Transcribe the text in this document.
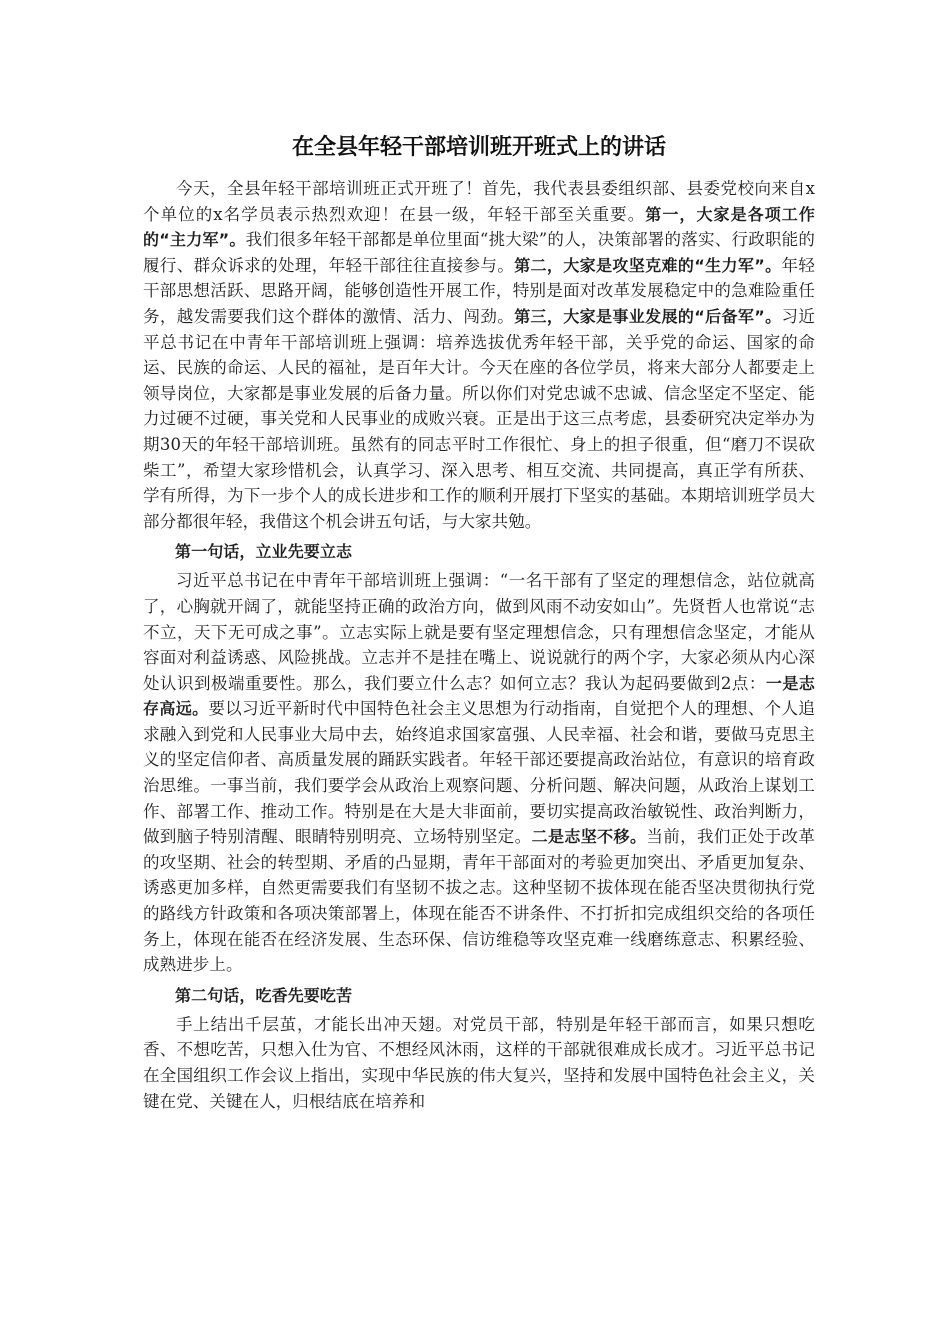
在全县年轻干部培训班开班式上的讲话

今天，全县年轻干部培训班正式开班了！首先，我代表县委组织部、县委党校向来自x个单位的x名学员表示热烈欢迎！在县一级，年轻干部至关重要。第一，大家是各项工作的“主力军”。我们很多年轻干部都是单位里面“挑大梁”的人，决策部署的落实、行政职能的履行、群众诉求的处理，年轻干部往往直接参与。第二，大家是攻坚克难的“生力军”。年轻干部思想活跃、思路开阔，能够创造性开展工作，特别是面对改革发展稳定中的急难险重任务，越发需要我们这个群体的激情、活力、闯劲。第三，大家是事业发展的“后备军”。习近平总书记在中青年干部培训班上强调：培养选拔优秀年轻干部，关乎党的命运、国家的命运、民族的命运、人民的福祉，是百年大计。今天在座的各位学员，将来大部分人都要走上领导岗位，大家都是事业发展的后备力量。所以你们对党忠诚不忠诚、信念坚定不坚定、能力过硬不过硬，事关党和人民事业的成败兴衰。正是出于这三点考虑，县委研究决定举办为期30天的年轻干部培训班。虽然有的同志平时工作很忙、身上的担子很重，但“磨刀不误砍柴工”，希望大家珍惜机会，认真学习、深入思考、相互交流、共同提高，真正学有所获、学有所得，为下一步个人的成长进步和工作的顺利开展打下坚实的基础。本期培训班学员大部分都很年轻，我借这个机会讲五句话，与大家共勉。

第一句话，立业先要立志

习近平总书记在中青年干部培训班上强调：“一名干部有了坚定的理想信念，站位就高了，心胸就开阔了，就能坚持正确的政治方向，做到风雨不动安如山”。先贤哲人也常说“志不立，天下无可成之事”。立志实际上就是要有坚定理想信念，只有理想信念坚定，才能从容面对利益诱惑、风险挑战。立志并不是挂在嘴上、说说就行的两个字，大家必须从内心深处认识到极端重要性。那么，我们要立什么志？如何立志？我认为起码要做到2点：一是志存高远。要以习近平新时代中国特色社会主义思想为行动指南，自觉把个人的理想、个人追求融入到党和人民事业大局中去，始终追求国家富强、人民幸福、社会和谐，要做马克思主义的坚定信仰者、高质量发展的踊跃实践者。年轻干部还要提高政治站位，有意识的培育政治思维。一事当前，我们要学会从政治上观察问题、分析问题、解决问题，从政治上谋划工作、部署工作、推动工作。特别是在大是大非面前，要切实提高政治敏锐性、政治判断力，做到脑子特别清醒、眼睛特别明亮、立场特别坚定。二是志坚不移。当前，我们正处于改革的攻坚期、社会的转型期、矛盾的凸显期，青年干部面对的考验更加突出、矛盾更加复杂、诱惑更加多样，自然更需要我们有坚韧不拔之志。这种坚韧不拔体现在能否坚决贯彻执行党的路线方针政策和各项决策部署上，体现在能否不讲条件、不打折扣完成组织交给的各项任务上，体现在能否在经济发展、生态环保、信访维稳等攻坚克难一线磨练意志、积累经验、成熟进步上。

第二句话，吃香先要吃苦

手上结出千层茧，才能长出冲天翅。对党员干部，特别是年轻干部而言，如果只想吃香、不想吃苦，只想入仕为官、不想经风沐雨，这样的干部就很难成长成才。习近平总书记在全国组织工作会议上指出，实现中华民族的伟大复兴，坚持和发展中国特色社会主义，关键在党、关键在人，归根结底在培养和
